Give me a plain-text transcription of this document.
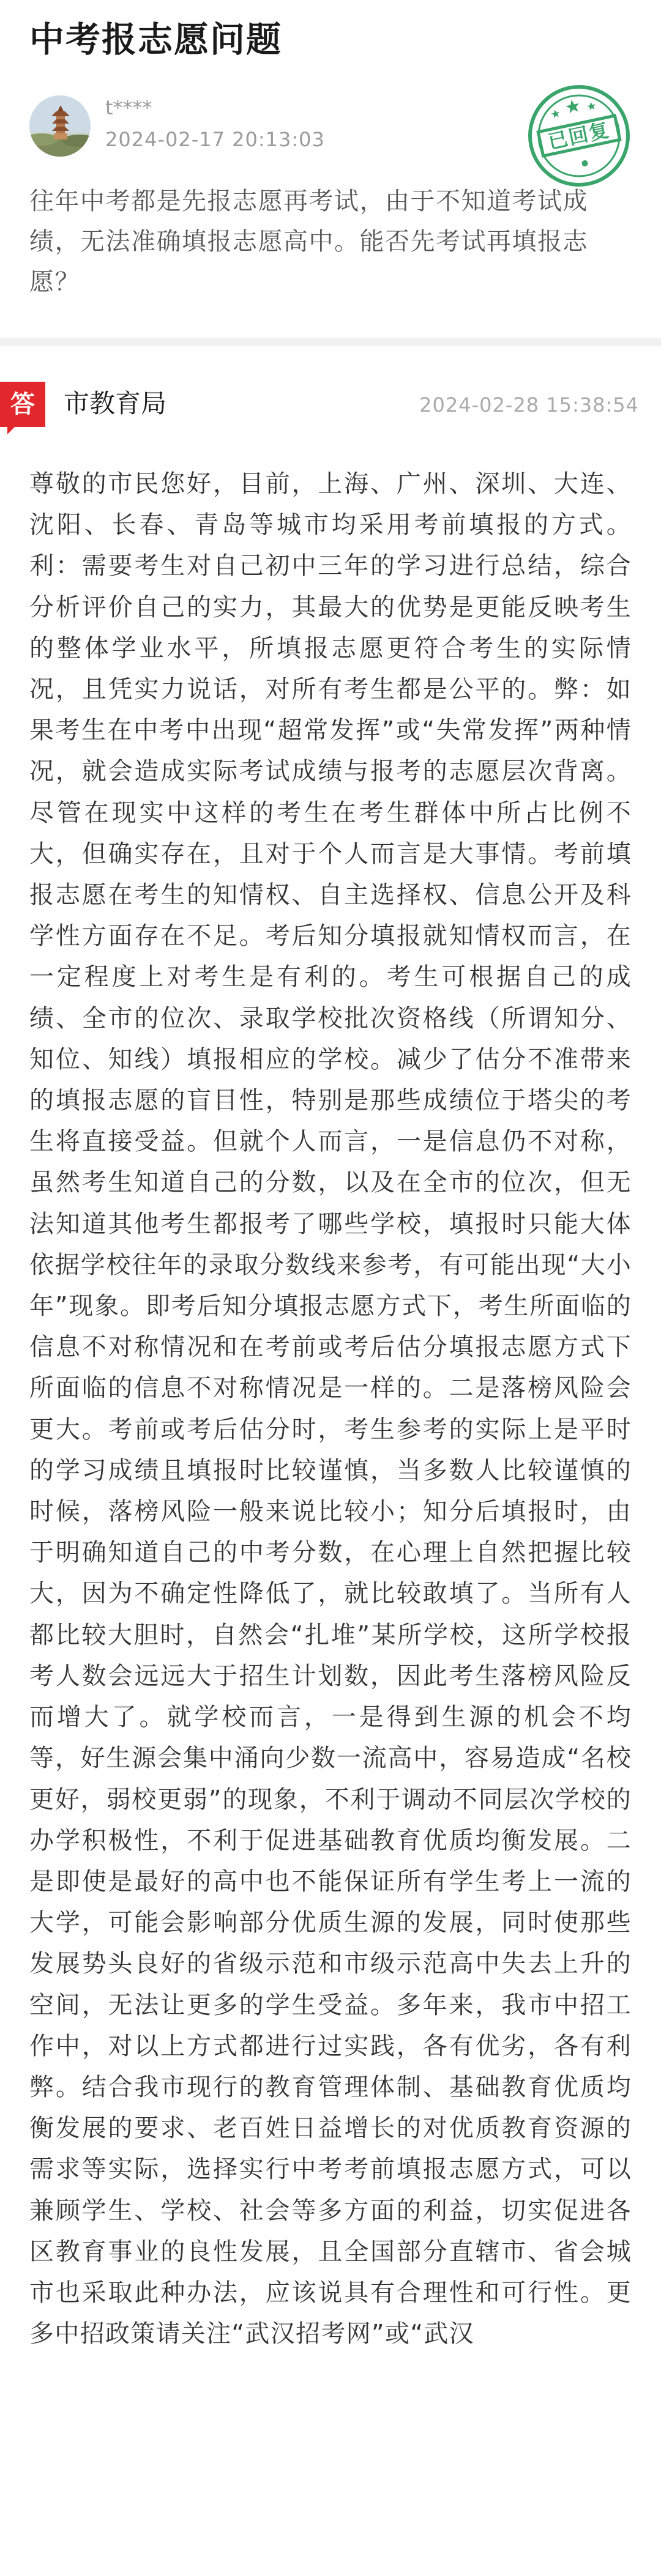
中考报志愿问题
t****
2024-02-17 20:13:03	已回复

往年中考都是先报志愿再考试，由于不知道考试成绩，无法准确填报志愿高中。能否先考试再填报志愿？

答	市教育局	2024-02-28 15:38:54

尊敬的市民您好，目前，上海、广州、深圳、大连、沈阳、长春、青岛等城市均采用考前填报的方式。利：需要考生对自己初中三年的学习进行总结，综合分析评价自己的实力，其最大的优势是更能反映考生的整体学业水平，所填报志愿更符合考生的实际情况，且凭实力说话，对所有考生都是公平的。弊：如果考生在中考中出现“超常发挥”或“失常发挥”两种情况，就会造成实际考试成绩与报考的志愿层次背离。尽管在现实中这样的考生在考生群体中所占比例不大，但确实存在，且对于个人而言是大事情。考前填报志愿在考生的知情权、自主选择权、信息公开及科学性方面存在不足。考后知分填报就知情权而言，在一定程度上对考生是有利的。考生可根据自己的成绩、全市的位次、录取学校批次资格线（所谓知分、知位、知线）填报相应的学校。减少了估分不准带来的填报志愿的盲目性，特别是那些成绩位于塔尖的考生将直接受益。但就个人而言，一是信息仍不对称，虽然考生知道自己的分数，以及在全市的位次，但无法知道其他考生都报考了哪些学校，填报时只能大体依据学校往年的录取分数线来参考，有可能出现“大小年”现象。即考后知分填报志愿方式下，考生所面临的信息不对称情况和在考前或考后估分填报志愿方式下所面临的信息不对称情况是一样的。二是落榜风险会更大。考前或考后估分时，考生参考的实际上是平时的学习成绩且填报时比较谨慎，当多数人比较谨慎的时候，落榜风险一般来说比较小；知分后填报时，由于明确知道自己的中考分数，在心理上自然把握比较大，因为不确定性降低了，就比较敢填了。当所有人都比较大胆时，自然会“扎堆”某所学校，这所学校报考人数会远远大于招生计划数，因此考生落榜风险反而增大了。就学校而言，一是得到生源的机会不均等，好生源会集中涌向少数一流高中，容易造成“名校更好，弱校更弱”的现象，不利于调动不同层次学校的办学积极性，不利于促进基础教育优质均衡发展。二是即使是最好的高中也不能保证所有学生考上一流的大学，可能会影响部分优质生源的发展，同时使那些发展势头良好的省级示范和市级示范高中失去上升的空间，无法让更多的学生受益。多年来，我市中招工作中，对以上方式都进行过实践，各有优劣，各有利弊。结合我市现行的教育管理体制、基础教育优质均衡发展的要求、老百姓日益增长的对优质教育资源的需求等实际，选择实行中考考前填报志愿方式，可以兼顾学生、学校、社会等多方面的利益，切实促进各区教育事业的良性发展，且全国部分直辖市、省会城市也采取此种办法，应该说具有合理性和可行性。更多中招政策请关注“武汉招考网”或“武汉
